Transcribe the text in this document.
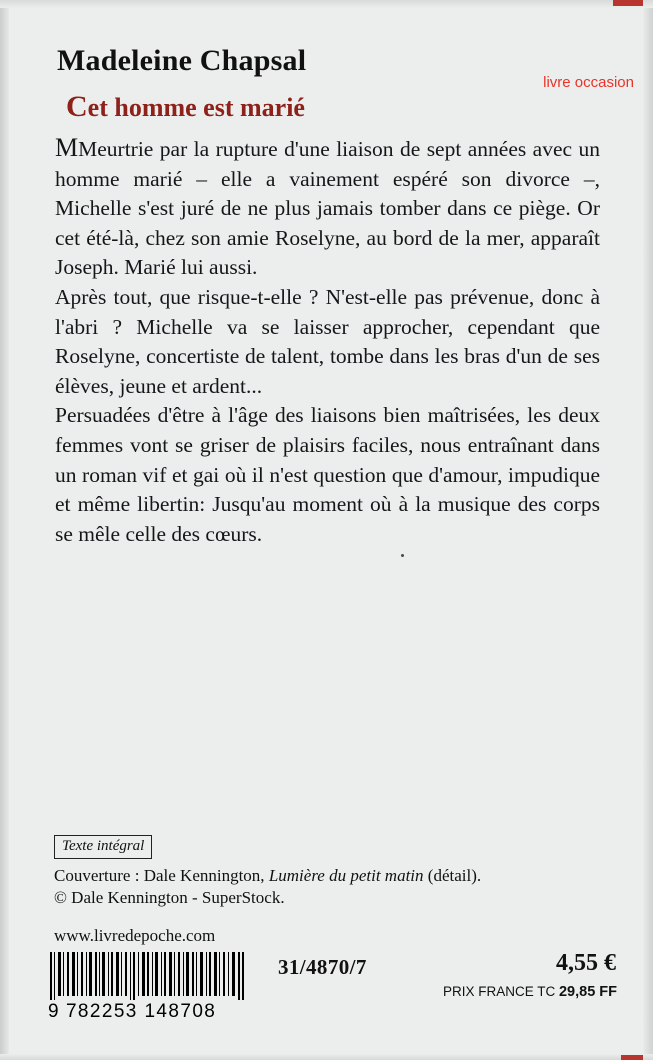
Madeleine Chapsal
livre occasion
Cet homme est marié

MMeurtrie par la rupture d'une liaison de sept années avec un homme marié – elle a vainement espéré son divorce –, Michelle s'est juré de ne plus jamais tomber dans ce piège. Or cet été-là, chez son amie Roselyne, au bord de la mer, apparaît Joseph. Marié lui aussi.

Après tout, que risque-t-elle ? N'est-elle pas prévenue, donc à l'abri ? Michelle va se laisser approcher, cependant que Roselyne, concertiste de talent, tombe dans les bras d'un de ses élèves, jeune et ardent...

Persuadées d'être à l'âge des liaisons bien maîtrisées, les deux femmes vont se griser de plaisirs faciles, nous entraînant dans un roman vif et gai où il n'est question que d'amour, impudique et même libertin: Jusqu'au moment où à la musique des corps se mêle celle des cœurs.

Texte intégral
Couverture : Dale Kennington, Lumière du petit matin (détail).
© Dale Kennington - SuperStock.
www.livredepoche.com
9 782253 148708
31/4870/7	4,55 €
PRIX FRANCE TC 29,85 FF
